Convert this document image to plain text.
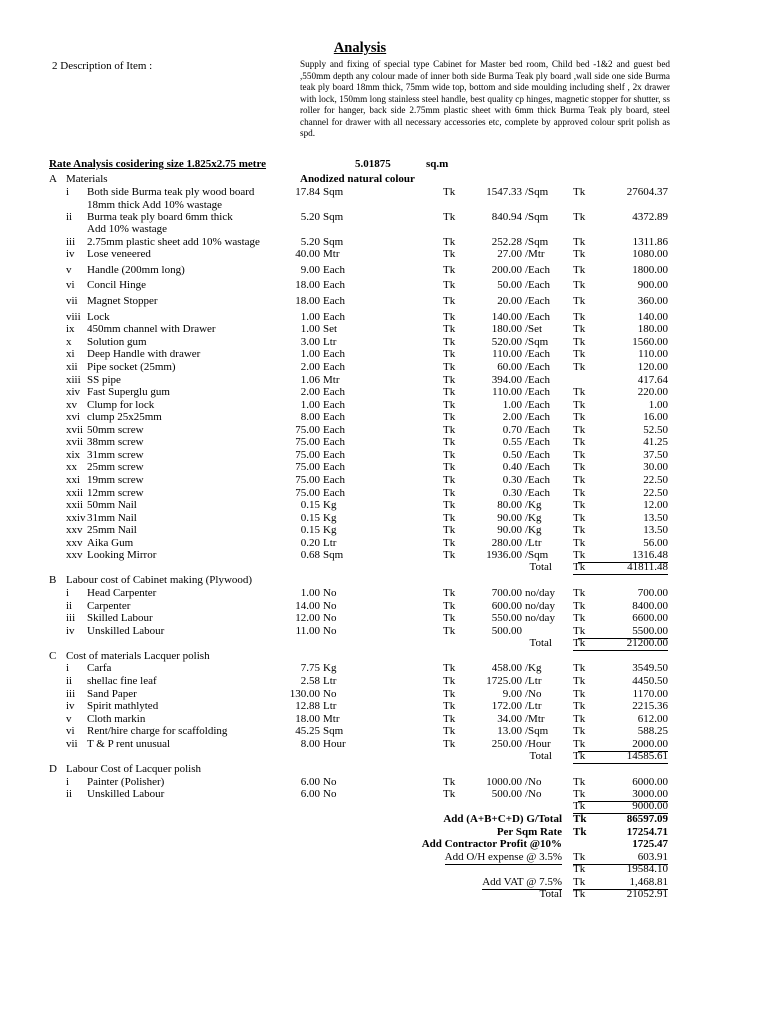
Analysis
2 Description of Item :	Supply and fixing of special type Cabinet for Master bed room, Child bed -1&2 and guest bed ,550mm depth any colour made of inner both side Burma Teak ply board ,wall side one side Burma teak ply board 18mm thick, 75mm wide top, bottom and side moulding including shelf , 2x drawer with lock, 150mm long stainless steel handle, best quality cp hinges, magnetic stopper for shutter, ss roller for hanger, back side 2.75mm plastic sheet with 6mm thick Burma Teak ply board, steel channel for drawer with all necessary accessories etc, complete by approved colour sprit polish as spd.
Rate Analysis cosidering size 1.825x2.75 metre	5.01875	sq.m
A Materials	Anodized natural colour
i Both side Burma teak ply wood board	17.84 Sqm	Tk	1547.33 /Sqm Tk	27604.37
18mm thick Add 10% wastage
ii Burma teak ply board 6mm thick	5.20 Sqm	Tk	840.94 /Sqm Tk	4372.89
Add 10% wastage
iii 2.75mm plastic sheet add 10% wastage	5.20 Sqm	Tk	252.28 /Sqm Tk	1311.86
iv Lose veneered	40.00 Mtr	Tk	27.00 /Mtr	Tk	1080.00
v Handle (200mm long)	9.00 Each	Tk	200.00 /Each Tk	1800.00
vi Concil Hinge	18.00 Each	Tk	50.00 /Each Tk	900.00
vii Magnet Stopper	18.00 Each	Tk	20.00 /Each Tk	360.00
viii Lock	1.00 Each	Tk	140.00 /Each Tk	140.00
ix 450mm channel with Drawer	1.00 Set	Tk	180.00 /Set	Tk	180.00
x Solution gum	3.00 Ltr	Tk	520.00 /Sqm Tk	1560.00
xi Deep Handle with drawer	1.00 Each	Tk	110.00 /Each Tk	110.00
xii Pipe socket (25mm)	2.00 Each	Tk	60.00 /Each Tk	120.00
xiii SS pipe	1.06 Mtr	Tk	394.00 /Each	417.64
xiv Fast Superglu gum	2.00 Each	Tk	110.00 /Each Tk	220.00
xv Clump for lock	1.00 Each	Tk	1.00 /Each Tk	1.00
xvi clump 25x25mm	8.00 Each	Tk	2.00 /Each Tk	16.00
xvii 50mm screw	75.00 Each	Tk	0.70 /Each Tk	52.50
xvii 38mm screw	75.00 Each	Tk	0.55 /Each Tk	41.25
xix 31mm screw	75.00 Each	Tk	0.50 /Each Tk	37.50
xx 25mm screw	75.00 Each	Tk	0.40 /Each Tk	30.00
xxi 19mm screw	75.00 Each	Tk	0.30 /Each Tk	22.50
xxii 12mm screw	75.00 Each	Tk	0.30 /Each Tk	22.50
xxii 50mm Nail	0.15 Kg	Tk	80.00 /Kg	Tk	12.00
xxiv 31mm Nail	0.15 Kg	Tk	90.00 /Kg	Tk	13.50
xxv 25mm Nail	0.15 Kg	Tk	90.00 /Kg	Tk	13.50
xxv Aika Gum	0.20 Ltr	Tk	280.00 /Ltr	Tk	56.00
xxv Looking Mirror	0.68 Sqm	Tk	1936.00 /Sqm Tk	1316.48
Total Tk	41811.48
B Labour cost of Cabinet making (Plywood)
i Head Carpenter	1.00 No	Tk	700.00 no/day Tk	700.00
ii Carpenter	14.00 No	Tk	600.00 no/day Tk	8400.00
iii Skilled Labour	12.00 No	Tk	550.00 no/day Tk	6600.00
iv Unskilled Labour	11.00 No	Tk	500.00	Tk	5500.00
Total Tk	21200.00
C Cost of materials Lacquer polish
i Carfa	7.75 Kg	Tk	458.00 /Kg	Tk	3549.50
ii shellac fine leaf	2.58 Ltr	Tk	1725.00 /Ltr	Tk	4450.50
iii Sand Paper	130.00 No	Tk	9.00 /No	Tk	1170.00
iv Spirit mathlyted	12.88 Ltr	Tk	172.00 /Ltr	Tk	2215.36
v Cloth markin	18.00 Mtr	Tk	34.00 /Mtr	Tk	612.00
vi Rent/hire charge for scaffolding	45.25 Sqm	Tk	13.00 /Sqm Tk	588.25
vii T & P rent unusual	8.00 Hour	Tk	250.00 /Hour Tk	2000.00
Total Tk	14585.61
D Labour Cost of Lacquer polish
i Painter (Polisher)	6.00 No	Tk	1000.00 /No	Tk	6000.00
ii Unskilled Labour	6.00 No	Tk	500.00 /No	Tk	3000.00
Tk	9000.00
Add (A+B+C+D) G/Total Tk	86597.09
Per Sqm Rate Tk	17254.71
Add Contractor Profit @10%	1725.47
Add O/H expense @ 3.5% Tk	603.91
Tk	19584.10
Add VAT @ 7.5% Tk	1,468.81
Total Tk	21052.91
